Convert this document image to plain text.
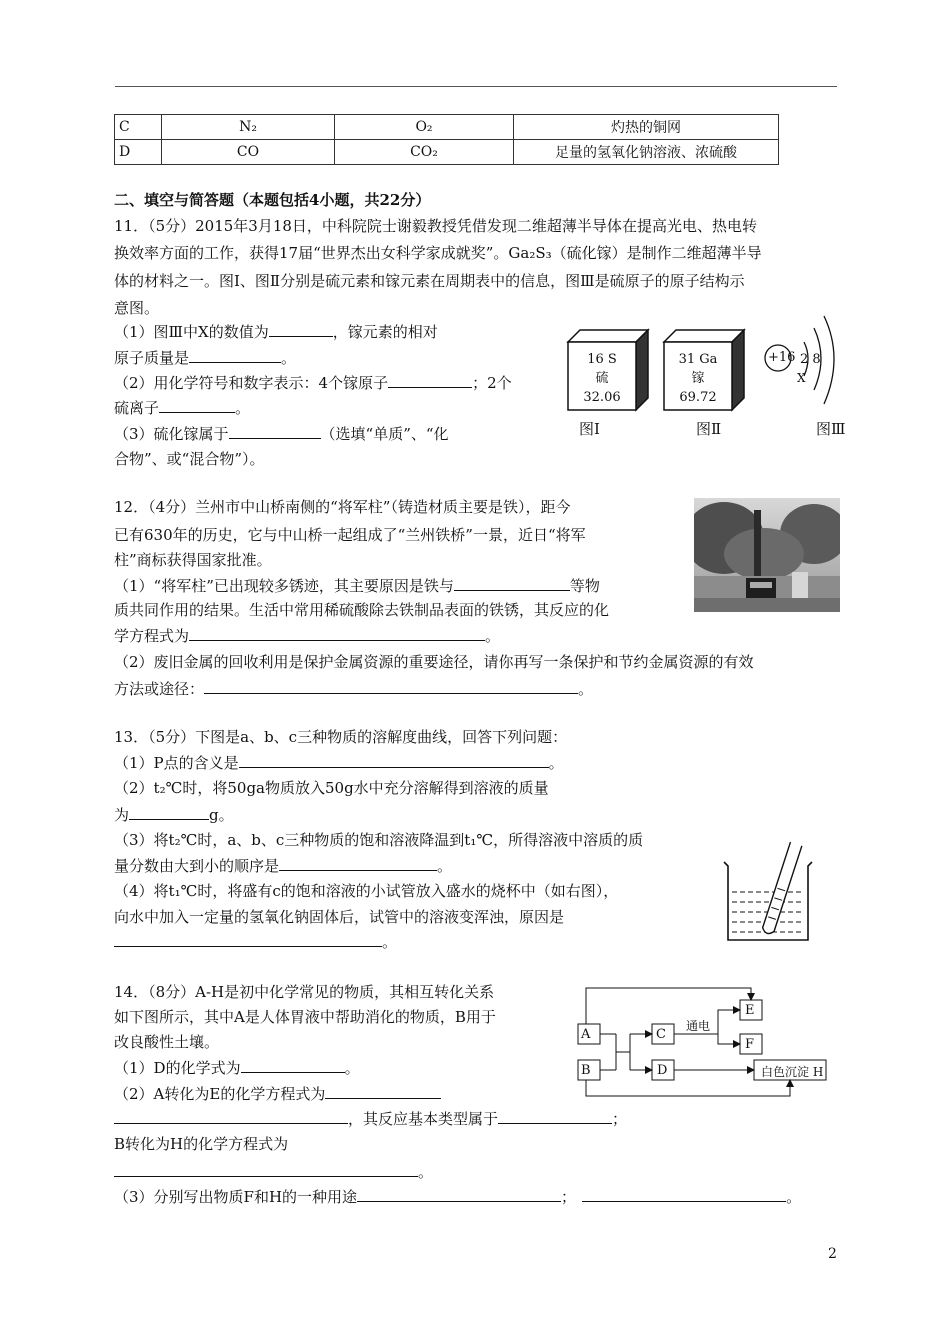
C	N₂	O₂	灼热的铜网
D	CO	CO₂	足量的氢氧化钠溶液、浓硫酸
二、填空与简答题（本题包括4小题，共22分）
11．（5分）2015年3月18日，中科院院士谢毅教授凭借发现二维超薄半导体在提高光电、热电转
换效率方面的工作，获得17届“世界杰出女科学家成就奖”。Ga₂S₃（硫化镓）是制作二维超薄半导
体的材料之一。图Ⅰ、图Ⅱ分别是硫元素和镓元素在周期表中的信息，图Ⅲ是硫原子的原子结构示
意图。
（1）图Ⅲ中X的数值为	，镓元素的相对
原子质量是	。
（2）用化学符号和数字表示：4个镓原子	；2个
硫离子	。
（3）硫化镓属于	（选填“单质”、“化
合物”、或“混合物”）。
16 S
硫
32.06
图Ⅰ
31 Ga
镓
69.72
图Ⅱ
+16 2 8
X
图Ⅲ
12．（4分）兰州市中山桥南侧的“将军柱”（铸造材质主要是铁），距今
已有630年的历史，它与中山桥一起组成了“兰州铁桥”一景，近日“将军
柱”商标获得国家批准。
（1）“将军柱”已出现较多锈迹，其主要原因是铁与	等物
质共同作用的结果。生活中常用稀硫酸除去铁制品表面的铁锈，其反应的化
学方程式为	。
（2）废旧金属的回收利用是保护金属资源的重要途径，请你再写一条保护和节约金属资源的有效
方法或途径：	。
13．（5分）下图是a、b、c三种物质的溶解度曲线，回答下列问题：
（1）P点的含义是	。
（2）t₂℃时，将50ga物质放入50g水中充分溶解得到溶液的质量
为	g。
（3）将t₂℃时，a、b、c三种物质的饱和溶液降温到t₁℃，所得溶液中溶质的质
量分数由大到小的顺序是	。
（4）将t₁℃时，将盛有c的饱和溶液的小试管放入盛水的烧杯中（如右图），
向水中加入一定量的氢氧化钠固体后，试管中的溶液变浑浊，原因是
。
14．（8分）A-H是初中化学常见的物质，其相互转化关系
如下图所示，其中A是人体胃液中帮助消化的物质，B用于
改良酸性土壤。
（1）D的化学式为	。
（2）A转化为E的化学方程式为
，其反应基本类型属于	；
B转化为H的化学方程式为
。
（3）分别写出物质F和H的一种用途	；	。
A
B
C
D
E
F
白色沉淀 H
通电
2
